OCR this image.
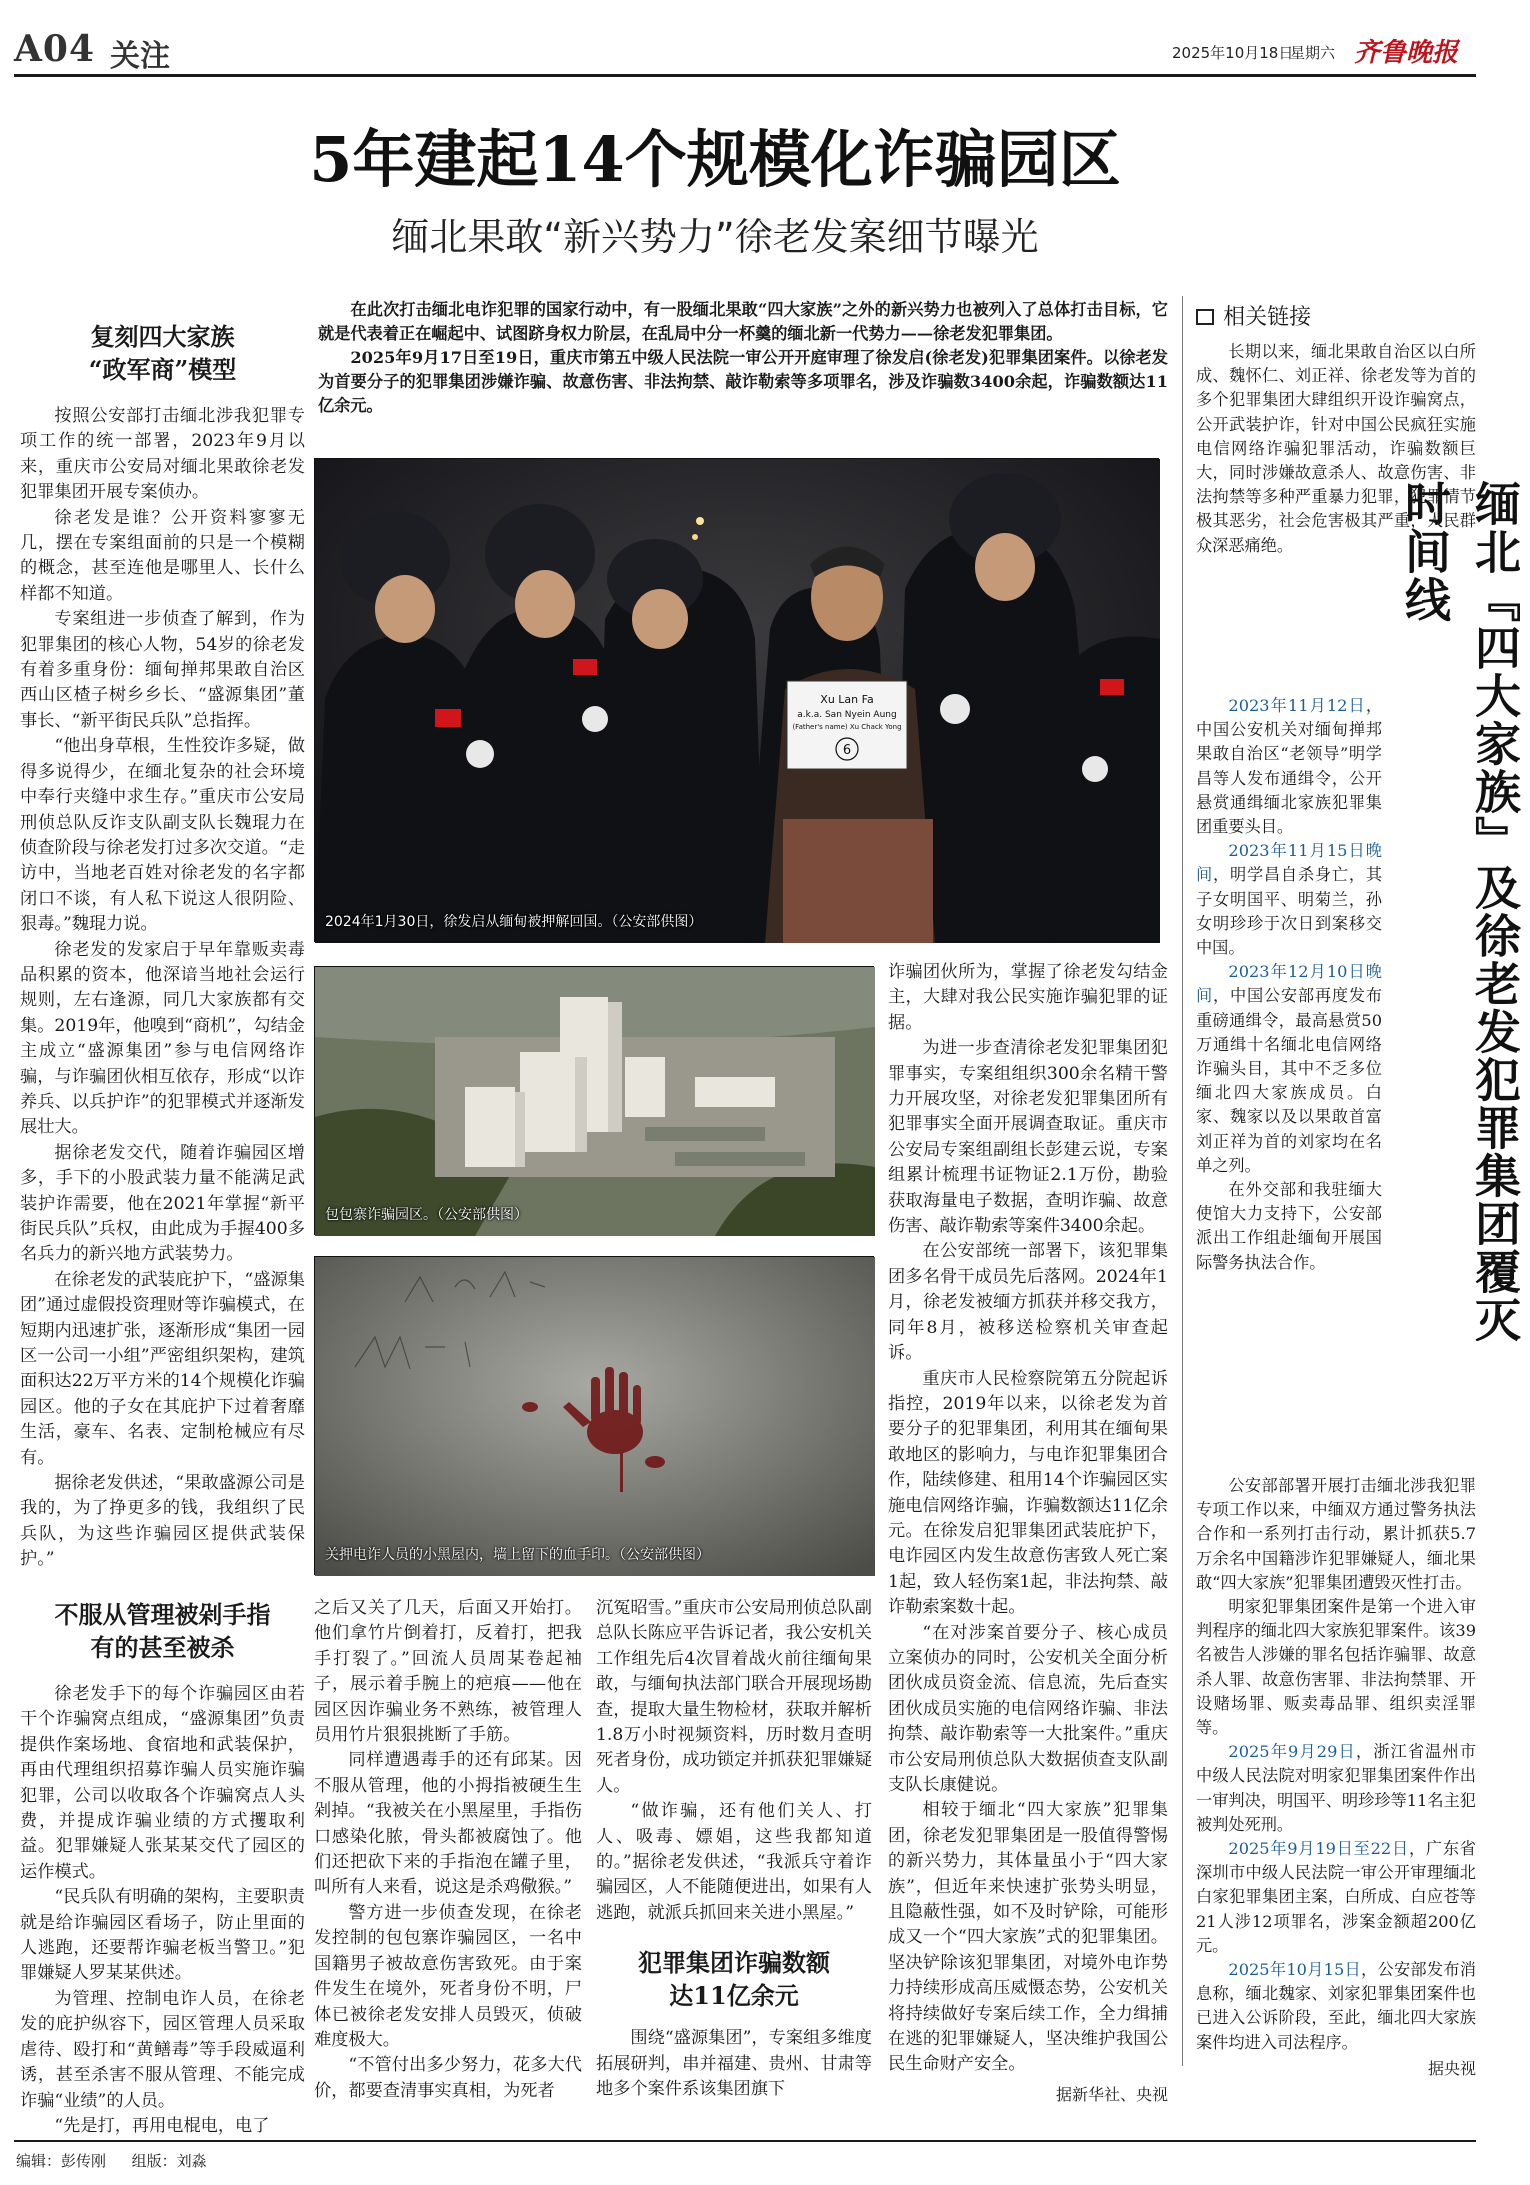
A04 关注	2025年10月18日
星期六 齐鲁晚报
5年建起14个规模化诈骗园区
缅北果敢“新兴势力”徐老发案细节曝光
复刻四大家族
“政军商”模型

按照公安部打击缅北涉我犯罪专项工作的统一部署，2023年9月以来，重庆市公安局对缅北果敢徐老发犯罪集团开展专案侦办。

徐老发是谁？公开资料寥寥无几，摆在专案组面前的只是一个模糊的概念，甚至连他是哪里人、长什么样都不知道。

专案组进一步侦查了解到，作为犯罪集团的核心人物，54岁的徐老发有着多重身份：缅甸掸邦果敢自治区西山区楂子树乡乡长、“盛源集团”董事长、“新平街民兵队”总指挥。

“他出身草根，生性狡诈多疑，做得多说得少，在缅北复杂的社会环境中奉行夹缝中求生存。”重庆市公安局刑侦总队反诈支队副支队长魏琨力在侦查阶段与徐老发打过多次交道。“走访中，当地老百姓对徐老发的名字都闭口不谈，有人私下说这人很阴险、狠毒。”魏琨力说。

徐老发的发家启于早年靠贩卖毒品积累的资本，他深谙当地社会运行规则，左右逢源，同几大家族都有交集。2019年，他嗅到“商机”，勾结金主成立“盛源集团”参与电信网络诈骗，与诈骗团伙相互依存，形成“以诈养兵、以兵护诈”的犯罪模式并逐渐发展壮大。

据徐老发交代，随着诈骗园区增多，手下的小股武装力量不能满足武装护诈需要，他在2021年掌握“新平街民兵队”兵权，由此成为手握400多名兵力的新兴地方武装势力。

在徐老发的武装庇护下，“盛源集团”通过虚假投资理财等诈骗模式，在短期内迅速扩张，逐渐形成“集团一园区一公司一小组”严密组织架构，建筑面积达22万平方米的14个规模化诈骗园区。他的子女在其庇护下过着奢靡生活，豪车、名表、定制枪械应有尽有。

据徐老发供述，“果敢盛源公司是我的，为了挣更多的钱，我组织了民兵队，为这些诈骗园区提供武装保护。”

不服从管理被剁手指
有的甚至被杀

徐老发手下的每个诈骗园区由若干个诈骗窝点组成，“盛源集团”负责提供作案场地、食宿地和武装保护，再由代理组织招募诈骗人员实施诈骗犯罪，公司以收取各个诈骗窝点人头费，并提成诈骗业绩的方式攫取利益。犯罪嫌疑人张某某交代了园区的运作模式。

“民兵队有明确的架构，主要职责就是给诈骗园区看场子，防止里面的人逃跑，还要帮诈骗老板当警卫。”犯罪嫌疑人罗某某供述。

为管理、控制电诈人员，在徐老发的庇护纵容下，园区管理人员采取虐待、殴打和“黄鳝毒”等手段威逼利诱，甚至杀害不服从管理、不能完成诈骗“业绩”的人员。

“先是打，再用电棍电，电了

在此次打击缅北电诈犯罪的国家行动中，有一股缅北果敢“四大家族”之外的新兴势力也被列入了总体打击目标，它就是代表着正在崛起中、试图跻身权力阶层，在乱局中分一杯羹的缅北新一代势力——徐老发犯罪集团。

2025年9月17日至19日，重庆市第五中级人民法院一审公开开庭审理了徐发启(徐老发)犯罪集团案件。以徐老发为首要分子的犯罪集团涉嫌诈骗、故意伤害、非法拘禁、敲诈勒索等多项罪名，涉及诈骗数3400余起，诈骗数额达11亿余元。

Xu Lan Fa
a.k.a. San Nyein Aung
(Father's name) Xu Chack Yong
6
2024年1月30日，徐发启从缅甸被押解回国。（公安部供图）
包包寨诈骗园区。（公安部供图）
关押电诈人员的小黑屋内，墙上留下的血手印。（公安部供图）

之后又关了几天，后面又开始打。他们拿竹片倒着打，反着打，把我手打裂了。”回流人员周某卷起袖子，展示着手腕上的疤痕——他在园区因诈骗业务不熟练，被管理人员用竹片狠狠挑断了手筋。

同样遭遇毒手的还有邱某。因不服从管理，他的小拇指被硬生生剁掉。“我被关在小黑屋里，手指伤口感染化脓，骨头都被腐蚀了。他们还把砍下来的手指泡在罐子里，叫所有人来看，说这是杀鸡儆猴。”

警方进一步侦查发现，在徐老发控制的包包寨诈骗园区，一名中国籍男子被故意伤害致死。由于案件发生在境外，死者身份不明，尸体已被徐老发安排人员毁灭，侦破难度极大。

“不管付出多少努力，花多大代价，都要查清事实真相，为死者

沉冤昭雪。”重庆市公安局刑侦总队副总队长陈应平告诉记者，我公安机关工作组先后4次冒着战火前往缅甸果敢，与缅甸执法部门联合开展现场勘查，提取大量生物检材，获取并解析1.8万小时视频资料，历时数月查明死者身份，成功锁定并抓获犯罪嫌疑人。

“做诈骗，还有他们关人、打人、吸毒、嫖娼，这些我都知道的。”据徐老发供述，“我派兵守着诈骗园区，人不能随便进出，如果有人逃跑，就派兵抓回来关进小黑屋。”

犯罪集团诈骗数额
达11亿余元

围绕“盛源集团”，专案组多维度拓展研判，串并福建、贵州、甘肃等地多个案件系该集团旗下

诈骗团伙所为，掌握了徐老发勾结金主，大肆对我公民实施诈骗犯罪的证据。

为进一步查清徐老发犯罪集团犯罪事实，专案组组织300余名精干警力开展攻坚，对徐老发犯罪集团所有犯罪事实全面开展调查取证。重庆市公安局专案组副组长彭建云说，专案组累计梳理书证物证2.1万份，勘验获取海量电子数据，查明诈骗、故意伤害、敲诈勒索等案件3400余起。

在公安部统一部署下，该犯罪集团多名骨干成员先后落网。2024年1月，徐老发被缅方抓获并移交我方，同年8月，被移送检察机关审查起诉。

重庆市人民检察院第五分院起诉指控，2019年以来，以徐老发为首要分子的犯罪集团，利用其在缅甸果敢地区的影响力，与电诈犯罪集团合作，陆续修建、租用14个诈骗园区实施电信网络诈骗，诈骗数额达11亿余元。在徐发启犯罪集团武装庇护下，电诈园区内发生故意伤害致人死亡案1起，致人轻伤案1起，非法拘禁、敲诈勒索案数十起。

“在对涉案首要分子、核心成员立案侦办的同时，公安机关全面分析团伙成员资金流、信息流，先后查实团伙成员实施的电信网络诈骗、非法拘禁、敲诈勒索等一大批案件。”重庆市公安局刑侦总队大数据侦查支队副支队长康健说。

相较于缅北“四大家族”犯罪集团，徐老发犯罪集团是一股值得警惕的新兴势力，其体量虽小于“四大家族”，但近年来快速扩张势头明显，且隐蔽性强，如不及时铲除，可能形成又一个“四大家族”式的犯罪集团。坚决铲除该犯罪集团，对境外电诈势力持续形成高压威慑态势，公安机关将持续做好专案后续工作，全力缉捕在逃的犯罪嫌疑人，坚决维护我国公民生命财产安全。

据新华社、央视
相关链接

长期以来，缅北果敢自治区以白所成、魏怀仁、刘正祥、徐老发等为首的多个犯罪集团大肆组织开设诈骗窝点，公开武装护诈，针对中国公民疯狂实施电信网络诈骗犯罪活动，诈骗数额巨大，同时涉嫌故意杀人、故意伤害、非法拘禁等多种严重暴力犯罪，犯罪情节极其恶劣，社会危害极其严重，人民群众深恶痛绝。	缅北『四大家族』及徐老发犯罪集团覆灭时间线

2023年11月12日，中国公安机关对缅甸掸邦果敢自治区“老领导”明学昌等人发布通缉令，公开悬赏通缉缅北家族犯罪集团重要头目。

2023年11月15日晚间，明学昌自杀身亡，其子女明国平、明菊兰，孙女明珍珍于次日到案移交中国。

2023年12月10日晚间，中国公安部再度发布重磅通缉令，最高悬赏50万通缉十名缅北电信网络诈骗头目，其中不乏多位缅北四大家族成员。白家、魏家以及以果敢首富刘正祥为首的刘家均在名单之列。

在外交部和我驻缅大使馆大力支持下，公安部派出工作组赴缅甸开展国际警务执法合作。

公安部部署开展打击缅北涉我犯罪专项工作以来，中缅双方通过警务执法合作和一系列打击行动，累计抓获5.7万余名中国籍涉诈犯罪嫌疑人，缅北果敢“四大家族”犯罪集团遭毁灭性打击。

明家犯罪集团案件是第一个进入审判程序的缅北四大家族犯罪案件。该39名被告人涉嫌的罪名包括诈骗罪、故意杀人罪、故意伤害罪、非法拘禁罪、开设赌场罪、贩卖毒品罪、组织卖淫罪等。

2025年9月29日，浙江省温州市中级人民法院对明家犯罪集团案件作出一审判决，明国平、明珍珍等11名主犯被判处死刑。

2025年9月19日至22日，广东省深圳市中级人民法院一审公开审理缅北白家犯罪集团主案，白所成、白应苍等21人涉12项罪名，涉案金额超200亿元。

2025年10月15日，公安部发布消息称，缅北魏家、刘家犯罪集团案件也已进入公诉阶段，至此，缅北四大家族案件均进入司法程序。

据央视
编辑：彭传刚 组版：刘淼
